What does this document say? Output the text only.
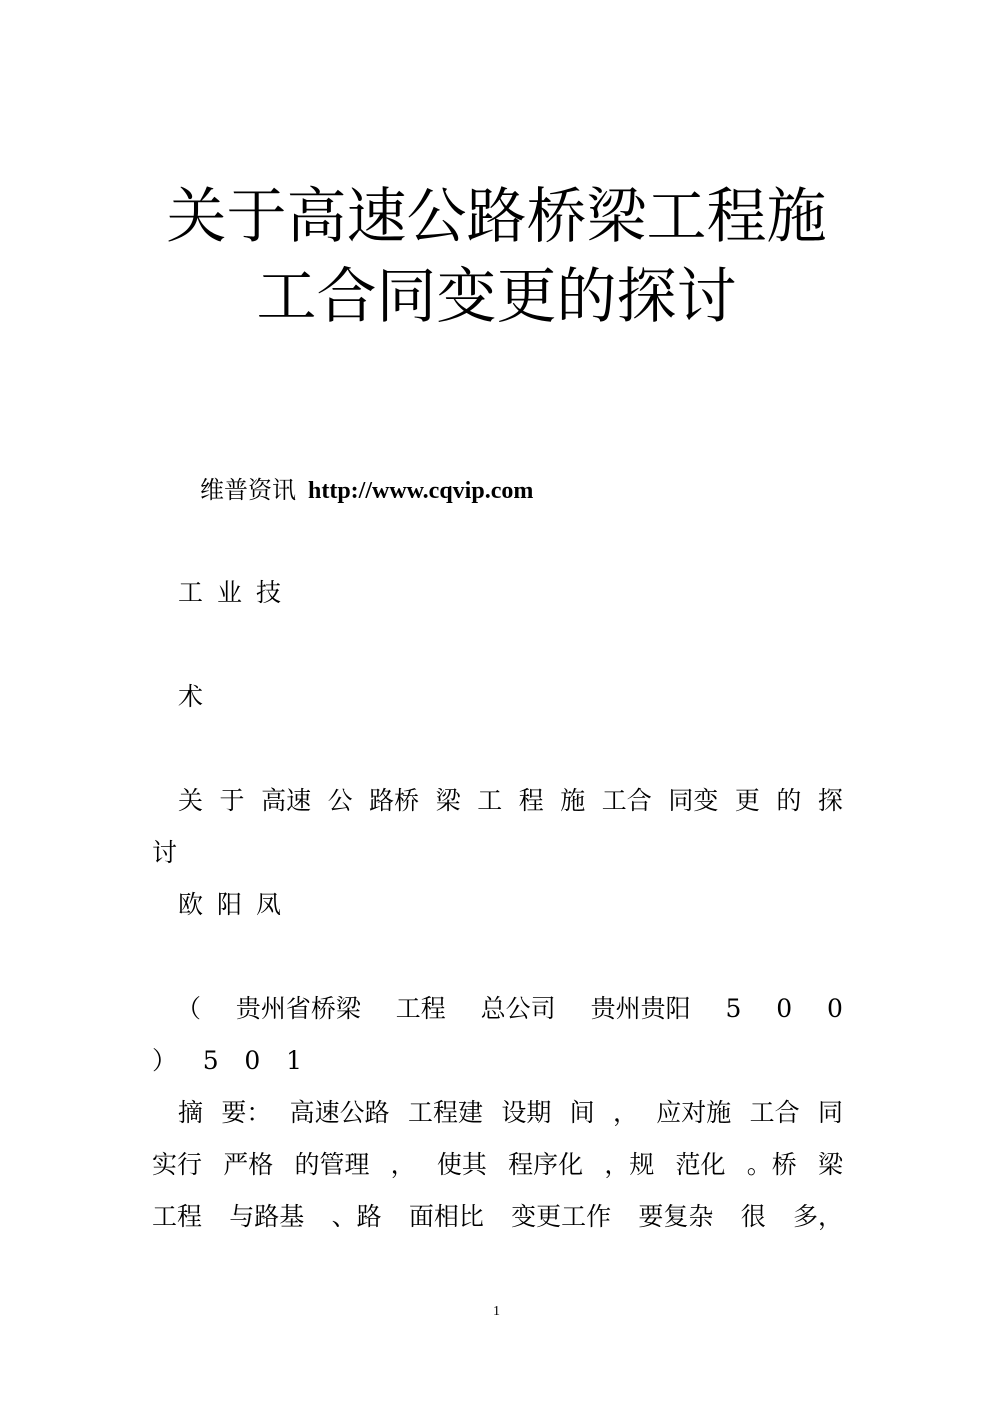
关于高速公路桥梁工程施
工合同变更的探讨
维普资讯 http://www.cqvip.com
工业技
术
关 于 高速 公 路桥 梁 工 程 施 工合 同变 更 的 探
讨
欧阳凤
（ 贵州省桥梁 工程 总公司 贵州贵阳 5 0 0
） 5 0 1
摘 要： 高速公路 工程建 设期 间 ， 应对施 工合 同
实行 严格 的管理 ， 使其 程序化 ，规 范化 。桥 梁
工程 与路基 、路 面相比 变更工作 要复杂 很 多，
1
